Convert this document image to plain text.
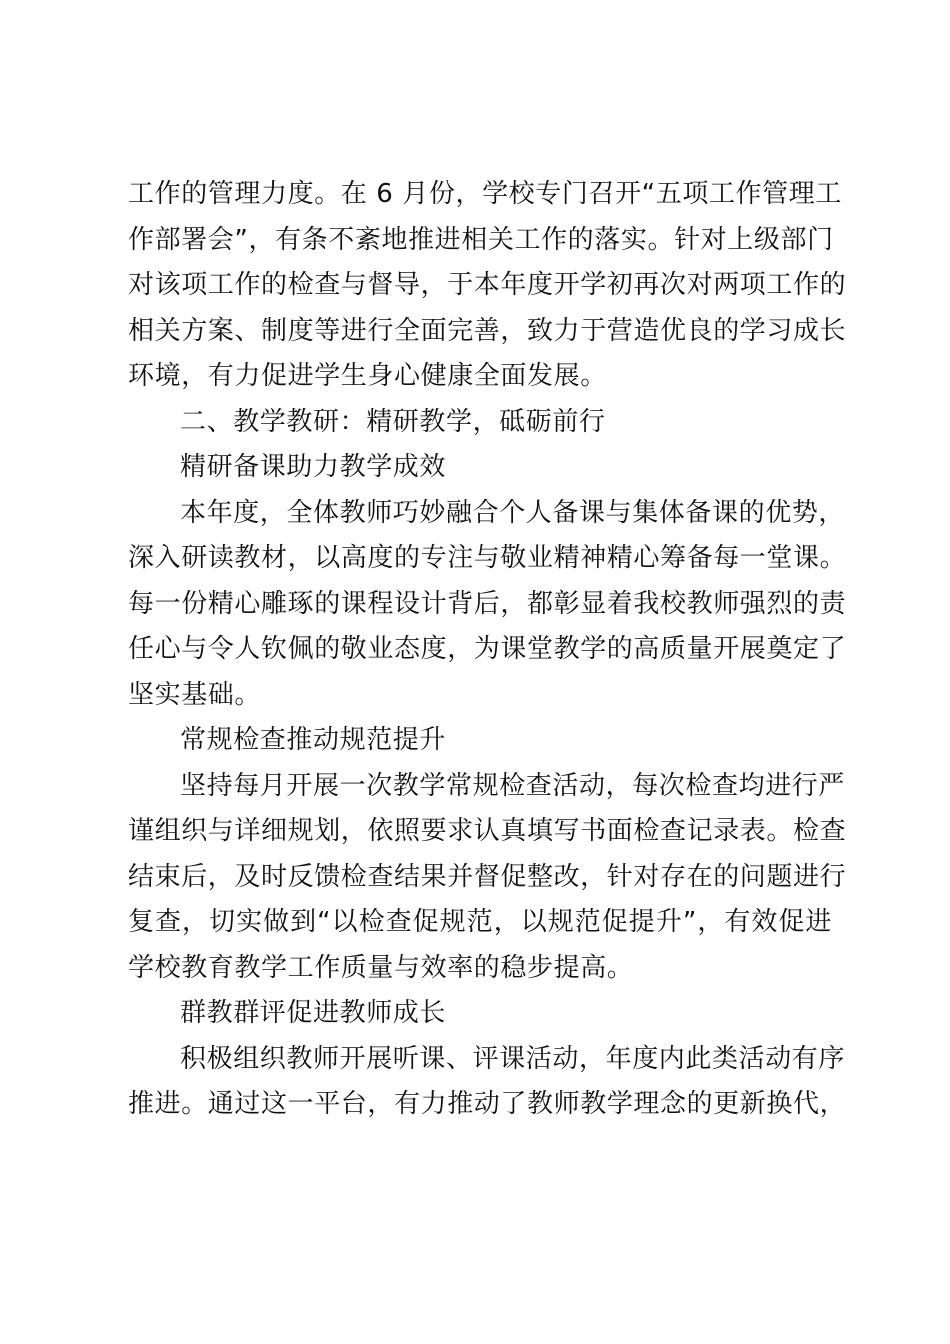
工作的管理力度。在 6 月份，学校专门召开“五项工作管理工
作部署会”，有条不紊地推进相关工作的落实。针对上级部门
对该项工作的检查与督导，于本年度开学初再次对两项工作的
相关方案、制度等进行全面完善，致力于营造优良的学习成长
环境，有力促进学生身心健康全面发展。
二、教学教研：精研教学，砥砺前行
精研备课助力教学成效
本年度，全体教师巧妙融合个人备课与集体备课的优势，
深入研读教材，以高度的专注与敬业精神精心筹备每一堂课。
每一份精心雕琢的课程设计背后，都彰显着我校教师强烈的责
任心与令人钦佩的敬业态度，为课堂教学的高质量开展奠定了
坚实基础。
常规检查推动规范提升
坚持每月开展一次教学常规检查活动，每次检查均进行严
谨组织与详细规划，依照要求认真填写书面检查记录表。检查
结束后，及时反馈检查结果并督促整改，针对存在的问题进行
复查，切实做到“以检查促规范，以规范促提升”，有效促进
学校教育教学工作质量与效率的稳步提高。
群教群评促进教师成长
积极组织教师开展听课、评课活动，年度内此类活动有序
推进。通过这一平台，有力推动了教师教学理念的更新换代，
